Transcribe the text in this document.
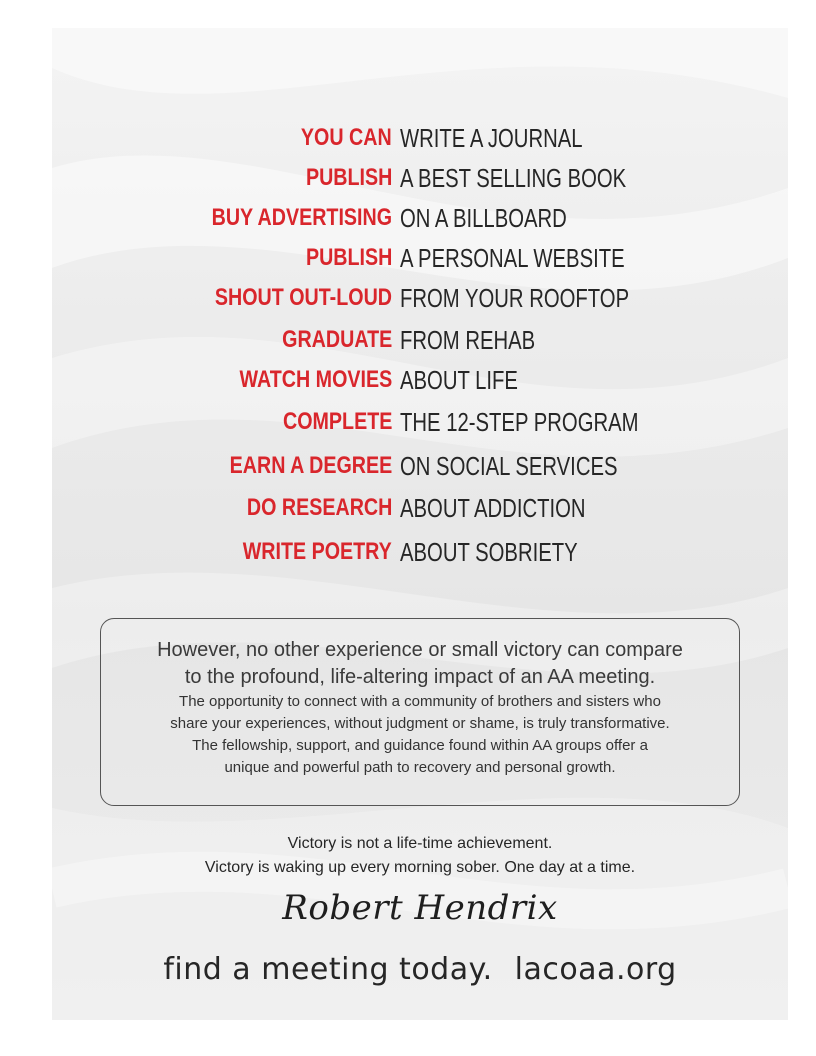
YOU CAN WRITE A JOURNAL
PUBLISH A BEST SELLING BOOK
BUY ADVERTISING ON A BILLBOARD
PUBLISH A PERSONAL WEBSITE
SHOUT OUT-LOUD FROM YOUR ROOFTOP
GRADUATE FROM REHAB
WATCH MOVIES ABOUT LIFE
COMPLETE THE 12-STEP PROGRAM
EARN A DEGREE ON SOCIAL SERVICES
DO RESEARCH ABOUT ADDICTION
WRITE POETRY ABOUT SOBRIETY
However, no other experience or small victory can compare
to the profound, life-altering impact of an AA meeting.
The opportunity to connect with a community of brothers and sisters who
share your experiences, without judgment or shame, is truly transformative.
The fellowship, support, and guidance found within AA groups offer a
unique and powerful path to recovery and personal growth.
Victory is not a life-time achievement.
Victory is waking up every morning sober. One day at a time.
Robert Hendrix
find a meeting today. lacoaa.org
